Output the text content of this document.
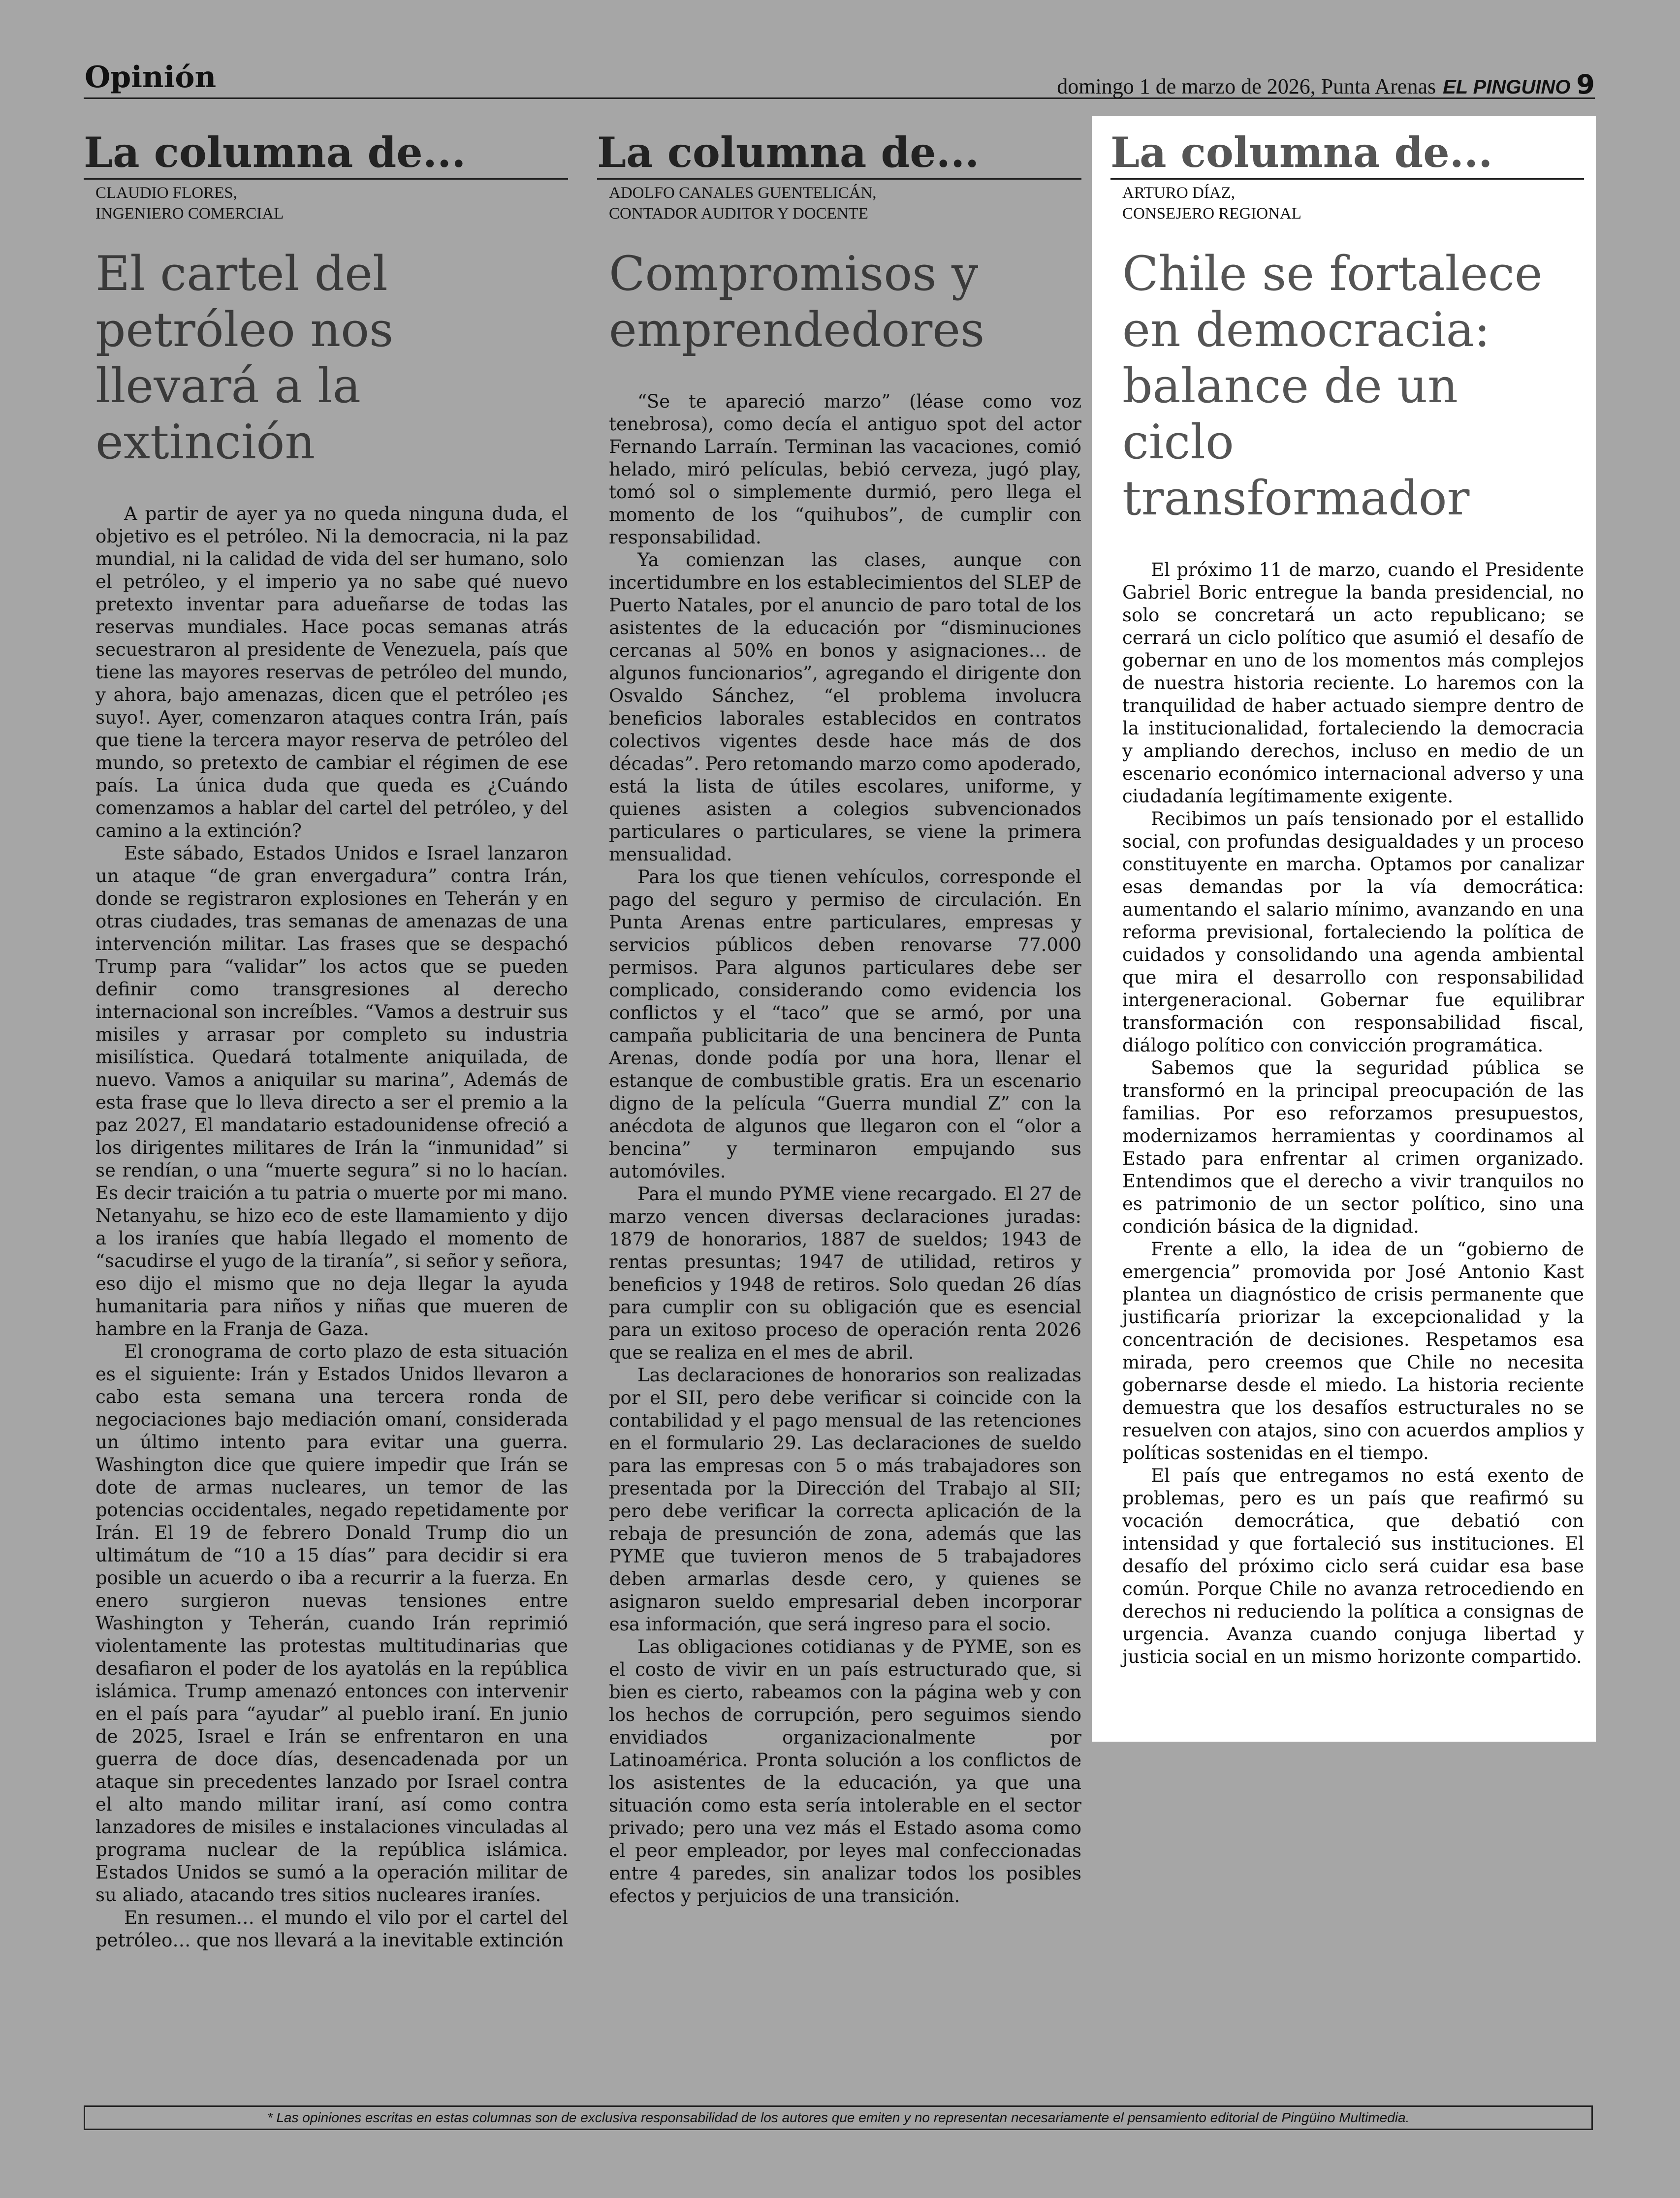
Opinión	domingo 1 de marzo de 2026, Punta Arenas EL PINGUINO 9
La columna de...
CLAUDIO FLORES,
INGENIERO COMERCIAL
El cartel del petróleo nos llevará a la extinción

A partir de ayer ya no queda ninguna duda, el objetivo es el petróleo. Ni la democracia, ni la paz mundial, ni la calidad de vida del ser humano, solo el petróleo, y el imperio ya no sabe qué nuevo pretexto inventar para adueñarse de todas las reservas mundiales. Hace pocas semanas atrás secuestraron al presidente de Venezuela, país que tiene las mayores reservas de petróleo del mundo, y ahora, bajo amenazas, dicen que el petróleo ¡es suyo!. Ayer, comenzaron ataques contra Irán, país que tiene la tercera mayor reserva de petróleo del mundo, so pretexto de cambiar el régimen de ese país. La única duda que queda es ¿Cuándo comenzamos a hablar del cartel del petróleo, y del camino a la extinción?

Este sábado, Estados Unidos e Israel lanzaron un ataque “de gran envergadura” contra Irán, donde se registraron explosiones en Teherán y en otras ciudades, tras semanas de amenazas de una intervención militar. Las frases que se despachó Trump para “validar” los actos que se pueden definir como transgresiones al derecho internacional son increíbles. “Vamos a destruir sus misiles y arrasar por completo su industria misilística. Quedará totalmente aniquilada, de nuevo. Vamos a aniquilar su marina”, Además de esta frase que lo lleva directo a ser el premio a la paz 2027, El mandatario estadounidense ofreció a los dirigentes militares de Irán la “inmunidad” si se rendían, o una “muerte segura” si no lo hacían. Es decir traición a tu patria o muerte por mi mano. Netanyahu, se hizo eco de este llamamiento y dijo a los iraníes que había llegado el momento de “sacudirse el yugo de la tiranía”, si señor y señora, eso dijo el mismo que no deja llegar la ayuda humanitaria para niños y niñas que mueren de hambre en la Franja de Gaza.

El cronograma de corto plazo de esta situación es el siguiente: Irán y Estados Unidos llevaron a cabo esta semana una tercera ronda de negociaciones bajo mediación omaní, considerada un último intento para evitar una guerra. Washington dice que quiere impedir que Irán se dote de armas nucleares, un temor de las potencias occidentales, negado repetidamente por Irán. El 19 de febrero Donald Trump dio un ultimátum de “10 a 15 días” para decidir si era posible un acuerdo o iba a recurrir a la fuerza. En enero surgieron nuevas tensiones entre Washington y Teherán, cuando Irán reprimió violentamente las protestas multitudinarias que desafiaron el poder de los ayatolás en la república islámica. Trump amenazó entonces con intervenir en el país para “ayudar” al pueblo iraní. En junio de 2025, Israel e Irán se enfrentaron en una guerra de doce días, desencadenada por un ataque sin precedentes lanzado por Israel contra el alto mando militar iraní, así como contra lanzadores de misiles e instalaciones vinculadas al programa nuclear de la república islámica. Estados Unidos se sumó a la operación militar de su aliado, atacando tres sitios nucleares iraníes.

En resumen… el mundo el vilo por el cartel del petróleo… que nos llevará a la inevitable extinción

La columna de...
ADOLFO CANALES GUENTELICÁN,
CONTADOR AUDITOR Y DOCENTE
Compromisos y emprendedores

“Se te apareció marzo” (léase como voz tenebrosa), como decía el antiguo spot del actor Fernando Larraín. Terminan las vacaciones, comió helado, miró películas, bebió cerveza, jugó play, tomó sol o simplemente durmió, pero llega el momento de los “quihubos”, de cumplir con responsabilidad.

Ya comienzan las clases, aunque con incertidumbre en los establecimientos del SLEP de Puerto Natales, por el anuncio de paro total de los asistentes de la educación por “disminuciones cercanas al 50% en bonos y asignaciones… de algunos funcionarios”, agregando el dirigente don Osvaldo Sánchez, “el problema involucra beneficios laborales establecidos en contratos colectivos vigentes desde hace más de dos décadas”. Pero retomando marzo como apoderado, está la lista de útiles escolares, uniforme, y quienes asisten a colegios subvencionados particulares o particulares, se viene la primera mensualidad.

Para los que tienen vehículos, corresponde el pago del seguro y permiso de circulación. En Punta Arenas entre particulares, empresas y servicios públicos deben renovarse 77.000 permisos. Para algunos particulares debe ser complicado, considerando como evidencia los conflictos y el “taco” que se armó, por una campaña publicitaria de una bencinera de Punta Arenas, donde podía por una hora, llenar el estanque de combustible gratis. Era un escenario digno de la película “Guerra mundial Z” con la anécdota de algunos que llegaron con el “olor a bencina” y terminaron empujando sus automóviles.

Para el mundo PYME viene recargado. El 27 de marzo vencen diversas declaraciones juradas: 1879 de honorarios, 1887 de sueldos; 1943 de rentas presuntas; 1947 de utilidad, retiros y beneficios y 1948 de retiros. Solo quedan 26 días para cumplir con su obligación que es esencial para un exitoso proceso de operación renta 2026 que se realiza en el mes de abril.

Las declaraciones de honorarios son realizadas por el SII, pero debe verificar si coincide con la contabilidad y el pago mensual de las retenciones en el formulario 29. Las declaraciones de sueldo para las empresas con 5 o más trabajadores son presentada por la Dirección del Trabajo al SII; pero debe verificar la correcta aplicación de la rebaja de presunción de zona, además que las PYME que tuvieron menos de 5 trabajadores deben armarlas desde cero, y quienes se asignaron sueldo empresarial deben incorporar esa información, que será ingreso para el socio.

Las obligaciones cotidianas y de PYME, son es el costo de vivir en un país estructurado que, si bien es cierto, rabeamos con la página web y con los hechos de corrupción, pero seguimos siendo envidiados organizacionalmente por Latinoamérica. Pronta solución a los conflictos de los asistentes de la educación, ya que una situación como esta sería intolerable en el sector privado; pero una vez más el Estado asoma como el peor empleador, por leyes mal confeccionadas entre 4 paredes, sin analizar todos los posibles efectos y perjuicios de una transición.

La columna de...
ARTURO DÍAZ,
CONSEJERO REGIONAL
Chile se fortalece en democracia: balance de un ciclo transformador

El próximo 11 de marzo, cuando el Presidente Gabriel Boric entregue la banda presidencial, no solo se concretará un acto republicano; se cerrará un ciclo político que asumió el desafío de gobernar en uno de los momentos más complejos de nuestra historia reciente. Lo haremos con la tranquilidad de haber actuado siempre dentro de la institucionalidad, fortaleciendo la democracia y ampliando derechos, incluso en medio de un escenario económico internacional adverso y una ciudadanía legítimamente exigente.

Recibimos un país tensionado por el estallido social, con profundas desigualdades y un proceso constituyente en marcha. Optamos por canalizar esas demandas por la vía democrática: aumentando el salario mínimo, avanzando en una reforma previsional, fortaleciendo la política de cuidados y consolidando una agenda ambiental que mira el desarrollo con responsabilidad intergeneracional. Gobernar fue equilibrar transformación con responsabilidad fiscal, diálogo político con convicción programática.

Sabemos que la seguridad pública se transformó en la principal preocupación de las familias. Por eso reforzamos presupuestos, modernizamos herramientas y coordinamos al Estado para enfrentar al crimen organizado. Entendimos que el derecho a vivir tranquilos no es patrimonio de un sector político, sino una condición básica de la dignidad.

Frente a ello, la idea de un “gobierno de emergencia” promovida por José Antonio Kast plantea un diagnóstico de crisis permanente que justificaría priorizar la excepcionalidad y la concentración de decisiones. Respetamos esa mirada, pero creemos que Chile no necesita gobernarse desde el miedo. La historia reciente demuestra que los desafíos estructurales no se resuelven con atajos, sino con acuerdos amplios y políticas sostenidas en el tiempo.

El país que entregamos no está exento de problemas, pero es un país que reafirmó su vocación democrática, que debatió con intensidad y que fortaleció sus instituciones. El desafío del próximo ciclo será cuidar esa base común. Porque Chile no avanza retrocediendo en derechos ni reduciendo la política a consignas de urgencia. Avanza cuando conjuga libertad y justicia social en un mismo horizonte compartido.

* Las opiniones escritas en estas columnas son de exclusiva responsabilidad de los autores que emiten y no representan necesariamente el pensamiento editorial de Pingüino Multimedia.
